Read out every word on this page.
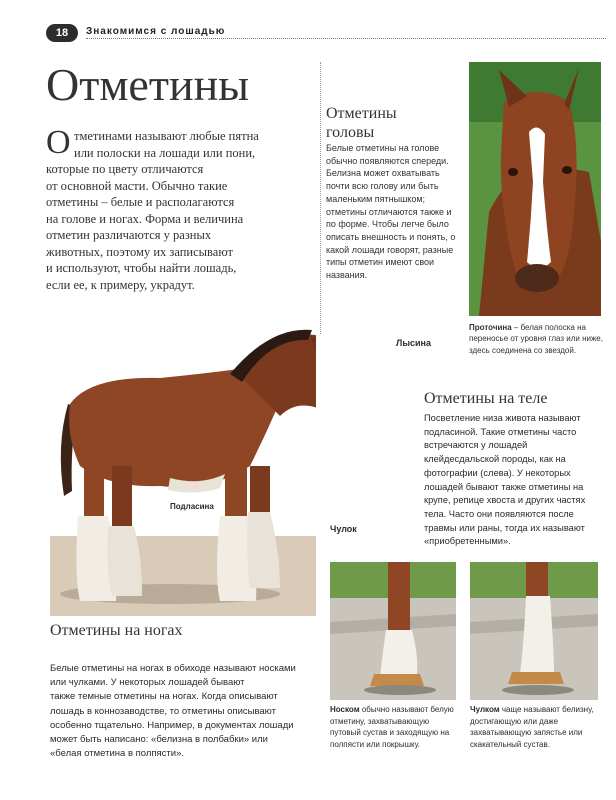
18	Знакомимся с лошадью
Отметины
О тметинами называют любые пятна
или полоски на лошади или пони,
которые по цвету отличаются
от основной масти. Обычно такие
отметины – белые и располагаются
на голове и ногах. Форма и величина
отметин различаются у разных
животных, поэтому их записывают
и используют, чтобы найти лошадь,
если ее, к примеру, украдут.
Отметины
головы
Белые отметины на голове обычно появляются спереди. Белизна может охватывать почти всю голову или быть маленьким пятнышком; отметины отличаются также и по форме. Чтобы легче было описать внешность и понять, о какой лошади говорят, разные типы отметин имеют свои названия.
Проточина – белая полоска на переносье от уровня глаз или ниже, здесь соединена со звездой.
Лысина
Подласина
Отметины на теле
Посветление низа живота называют подласиной. Такие отметины часто встречаются у лошадей клейдесдальской породы, как на фотографии (слева). У некоторых лошадей бывают также отметины на крупе, репице хвоста и других частях тела. Часто они появляются после травмы или раны, тогда их называют «приобретенными».
Чулок
Носком обычно называют белую отметину, захватывающую путовый сустав и заходящую на полпясти или покрышку.
Чулком чаще называют белизну, достигающую или даже захватывающую запястье или скакательный сустав.
Отметины на ногах
Белые отметины на ногах в обиходе называют носками
или чулками. У некоторых лошадей бывают
также темные отметины на ногах. Когда описывают
лошадь в коннозаводстве, то отметины описывают
особенно тщательно. Например, в документах лошади
может быть написано: «белизна в полбабки» или
«белая отметина в полпясти».
